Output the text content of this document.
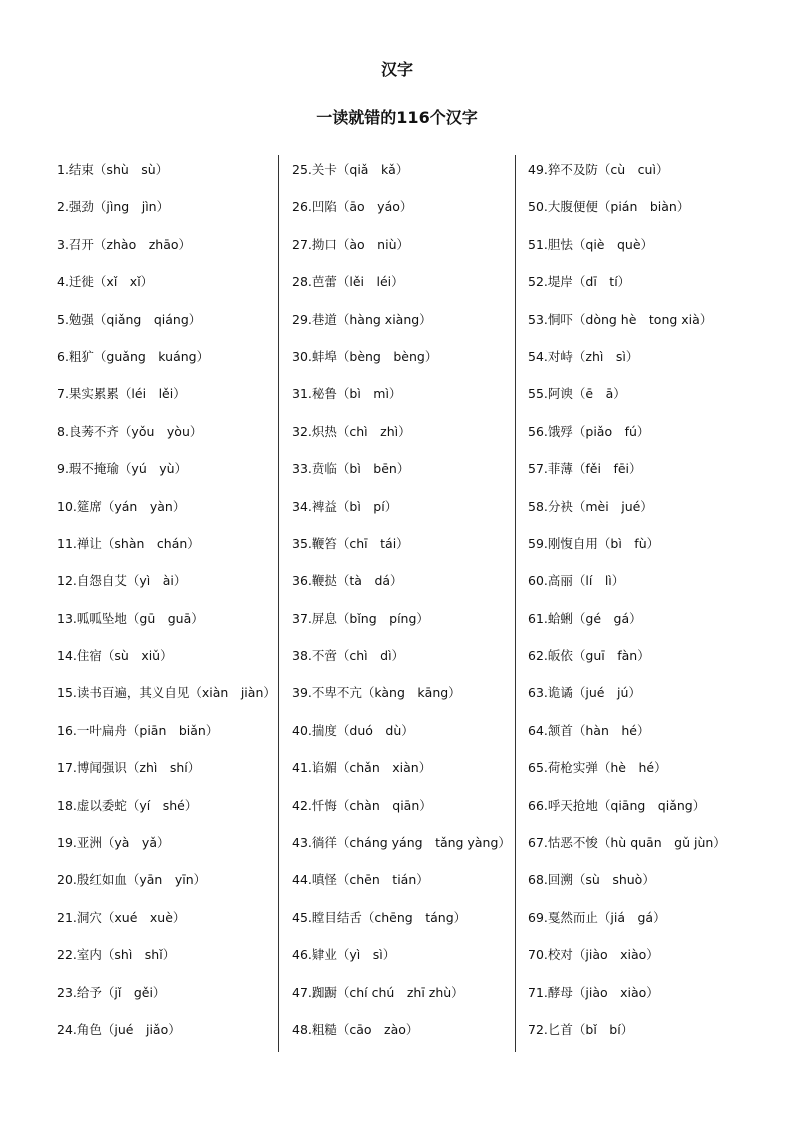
汉字
一读就错的116个汉字
1.结束（shù　sù）
2.强劲（jìng　jìn）
3.召开（zhào　zhāo）
4.迁徙（xǐ　xǐ）
5.勉强（qiǎng　qiáng）
6.粗犷（guǎng　kuáng）
7.果实累累（léi　lěi）
8.良莠不齐（yǒu　yòu）
9.瑕不掩瑜（yú　yù）
10.筵席（yán　yàn）
11.禅让（shàn　chán）
12.自怨自艾（yì　ài）
13.呱呱坠地（gū　guā）
14.住宿（sù　xiǔ）
15.读书百遍，其义自见（xiàn　jiàn）
16.一叶扁舟（piān　biǎn）
17.博闻强识（zhì　shí）
18.虚以委蛇（yí　shé）
19.亚洲（yà　yǎ）
20.殷红如血（yān　yīn）
21.洞穴（xué　xuè）
22.室内（shì　shǐ）
23.给予（jǐ　gěi）
24.角色（jué　jiǎo）
25.关卡（qiǎ　kǎ）
26.凹陷（āo　yáo）
27.拗口（ào　niù）
28.芭蕾（lěi　léi）
29.巷道（hàng xiàng）
30.蚌埠（bèng　bèng）
31.秘鲁（bì　mì）
32.炽热（chì　zhì）
33.贲临（bì　bēn）
34.裨益（bì　pí）
35.鞭笞（chī　tái）
36.鞭挞（tà　dá）
37.屏息（bǐng　píng）
38.不啻（chì　dì）
39.不卑不亢（kàng　kāng）
40.揣度（duó　dù）
41.谄媚（chǎn　xiàn）
42.忏悔（chàn　qiān）
43.徜徉（cháng yáng　tǎng yàng）
44.嗔怪（chēn　tián）
45.瞠目结舌（chēng　táng）
46.肄业（yì　sì）
47.踟蹰（chí chú　zhī zhù）
48.粗糙（cāo　zào）
49.猝不及防（cù　cuì）
50.大腹便便（pián　biàn）
51.胆怯（qiè　què）
52.堤岸（dī　tí）
53.恫吓（dòng hè　tong xià）
54.对峙（zhì　sì）
55.阿谀（ē　ā）
56.饿殍（piǎo　fú）
57.菲薄（fěi　fēi）
58.分袂（mèi　jué）
59.刚愎自用（bì　fù）
60.高丽（lí　lì）
61.蛤蜊（gé　gá）
62.皈依（guī　fàn）
63.诡谲（jué　jú）
64.颔首（hàn　hé）
65.荷枪实弹（hè　hé）
66.呼天抢地（qiāng　qiǎng）
67.怙恶不悛（hù quān　gǔ jùn）
68.回溯（sù　shuò）
69.戛然而止（jiá　gá）
70.校对（jiào　xiào）
71.酵母（jiào　xiào）
72.匕首（bǐ　bí）
